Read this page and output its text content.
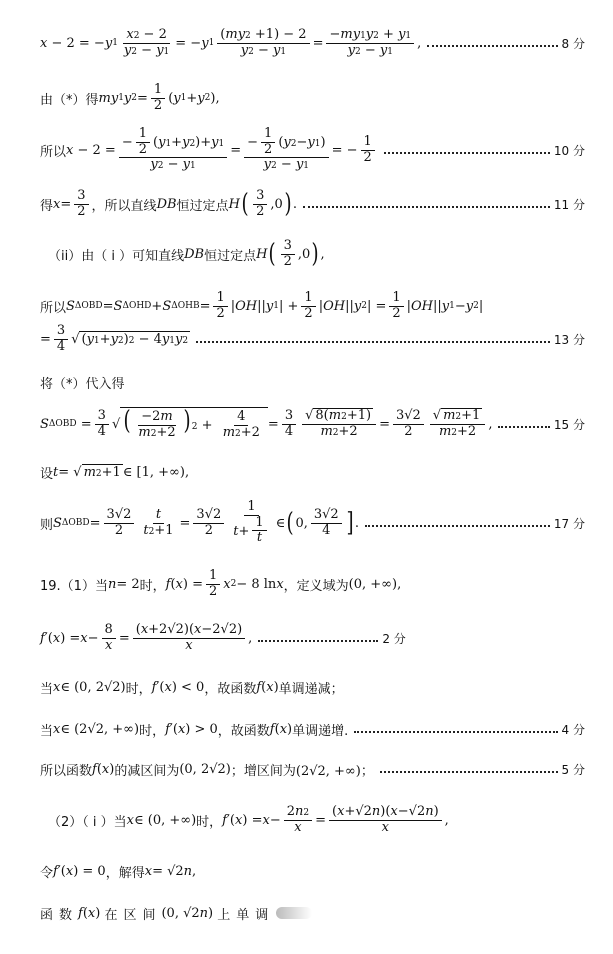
x − 2 = − y $1 \frac{x2 - 2}{y2 - y1}$ = − y $1 \frac{(my2 +1) - 2}{y2 - y1} = \frac{-my1y2 + y1}{y2 - y1}$ ,	8 分
由（*）得 my 1 y $2 = \frac{1}{2}$ ( y 1 + y 2 ),
所以 $x - 2 = \frac{- \frac{1}{2} (y1+y2)+y1}{y2 - y1} = \frac{- \frac{1}{2} (y2-y1)}{y2 - y1}$ = − $\frac{1}{2}$	10 分
得 $x = \frac{3}{2}$ ，所以直线 DB 恒过定点 H ( $\frac{3}{2} ,0$ ) .	11 分
（ii）由（ i ）可知直线 DB 恒过定点 H ( $\frac{3}{2} ,0$ ) ,
所以 S ΔOBD = S ΔOHD + S $\Delta OHB = \frac{1}{2}$ | OH || y 1 | + $\frac{1}{2}$ | OH || y 2 | = $\frac{1}{2}$ | OH || y 1 − y 2 |
= $\frac{3}{4}$ √ (y1+y2)2 − 4y1y2	13 分
将（*）代入得
S $\Delta OBD = \frac{3}{4}$ √ ( $\frac{-2m}{m2+2}$ ) $2 + \frac{4}{m2+2} = \frac{3}{4} \frac{√ 8(m2+1)}{m2+2} = \frac{3√2}{2} \frac{√ m2+1}{m2+2}$ ,	15 分
设 t = √ m2+1 ∈ [1, +∞),
则 S $\Delta OBD = \frac{3√2}{2} \frac{t}{t2+1} = \frac{3√2}{2} \frac{1}{t+ \frac{1}{t}}$ ∈ ( 0, $\frac{3√2}{4}$ ] .	17 分
19.（1）当 n = 2 时， f ( x ) = $\frac{1}{2}$ x 2 − 8 ln x ，定义域为 (0, +∞),
f ′( x ) = $x - \frac{8}{x} = \frac{(x+2√2)(x-2√2)}{x}$ ,	2 分
当 x ∈ (0, 2√2) 时， f ′( x ) < 0 ，故函数 f ( x ) 单调递减；
当 x ∈ (2√2, +∞) 时， f ′( x ) > 0 ，故函数 f ( x ) 单调递增.	4 分
所以函数 f ( x ) 的减区间为 (0, 2√2) ；增区间为 (2√2, +∞)；	5 分
（2）（ i ）当 x ∈ (0, +∞) 时， f ′( x ) = $x - \frac{2n2}{x} = \frac{(x+√2n)(x-√2n)}{x}$ ,
令 f ′( x ) = 0 ，解得 x = √2 n ,
函数 f ( x ) 在区间 (0, √2 n ) 上单调
